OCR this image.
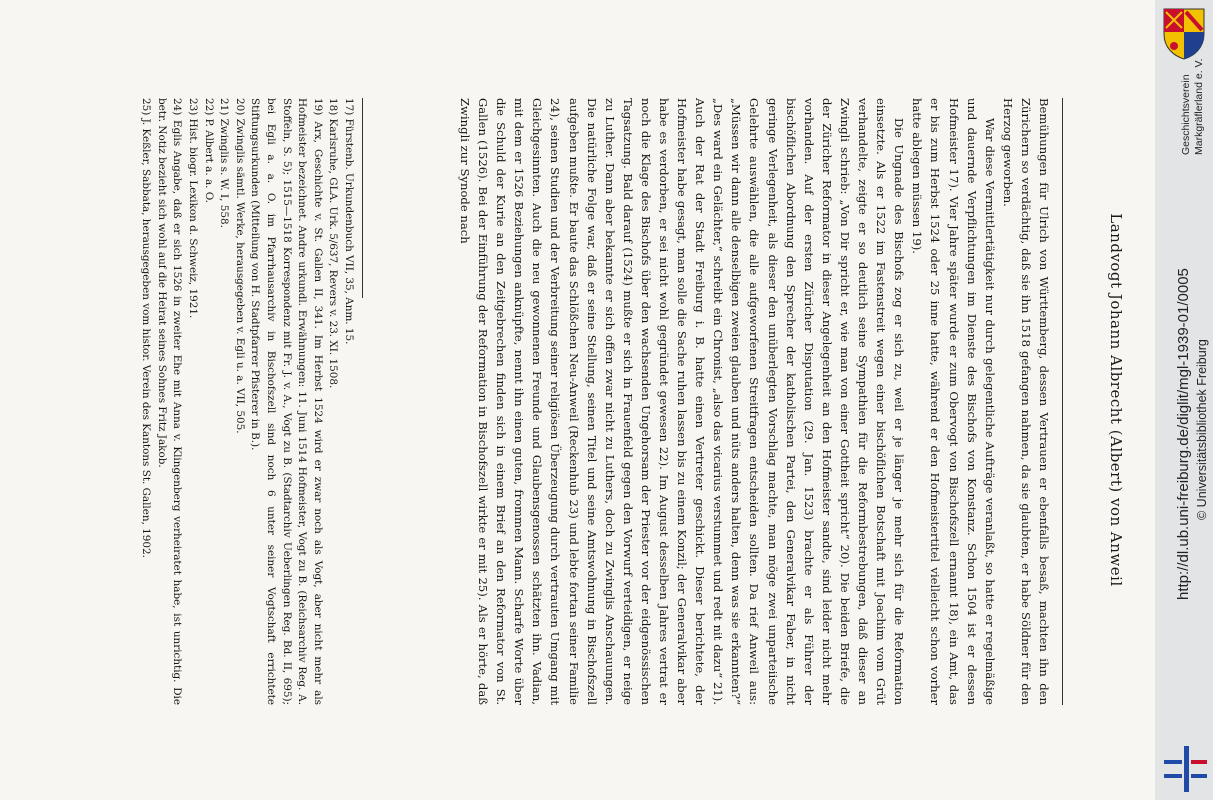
Landvogt Johann Albrecht (Albert) von Anweil

Bemühungen für Ulrich von Württemberg, dessen Vertrauen er ebenfalls besaß, machten ihn den Zürichern so verdächtig, daß sie ihn 1518 gefangen nahmen, da sie glaubten, er habe Söldner für den Herzog geworben.

War diese Vermittlertätigkeit nur durch gelegentliche Aufträge veranlaßt, so hatte er regelmäßige und dauernde Verpflichtungen im Dienste des Bischofs von Konstanz. Schon 1504 ist er dessen Hofmeister 17). Vier Jahre später wurde er zum Obervogt von Bischofszell ernannt 18), ein Amt, das er bis zum Herbst 1524 oder 25 inne hatte, während er den Hofmeistertitel vielleicht schon vorher hatte ablegen müssen 19).

Die Ungnade des Bischofs zog er sich zu, weil er je länger je mehr sich für die Reformation einsetzte. Als er 1522 im Fastenstreit wegen einer bischöflichen Botschaft mit Joachim vom Grüt verhandelte, zeigte er so deutlich seine Sympathien für die Reformbestrebungen, daß dieser an Zwingli schrieb: „Von Dir spricht er, wie man von einer Gottheit spricht“ 20). Die beiden Briefe, die der Züricher Reformator in dieser Angelegenheit an den Hofmeister sandte, sind leider nicht mehr vorhanden. Auf der ersten Züricher Disputation (29. Jan. 1523) brachte er als Führer der bischöflichen Abordnung den Sprecher der katholischen Partei, den Generalvikar Faber, in nicht geringe Verlegenheit, als dieser den unüberlegten Vorschlag machte, man möge zwei unparteiische Gelehrte auswählen, die alle aufgeworfenen Streitfragen entscheiden sollten. Da rief Anweil aus: „Müssen wir dann alle denselbigen zweien glauben und nüts anders halten, denn was sie erkannten?“ „Des ward ein Gelächter,“ schreibt ein Chronist, „also das vicarius verstummet und redt nit dazu“ 21). Auch der Rat der Stadt Freiburg i. B. hatte einen Vertreter geschickt. Dieser berichtete, der Hofmeister habe gesagt, man solle die Sache ruhen lassen bis zu einem Konzil; der Generalvikar aber habe es verdorben, er sei nicht wohl gegründet gewesen 22). Im August desselben Jahres vertrat er noch die Klage des Bischofs über den wachsenden Ungehorsam der Priester vor der eidgenössischen Tagsatzung. Bald darauf (1524) mußte er sich in Frauenfeld gegen den Vorwurf verteidigen, er neige zu Luther. Dann aber bekannte er sich offen zwar nicht zu Luthers, doch zu Zwinglis Anschauungen. Die natürliche Folge war, daß er seine Stellung, seinen Titel und seine Amtswohnung in Bischofszell aufgeben mußte. Er baute das Schlößchen Neu-Anweil (Reckenhub 23) und lebte fortan seiner Familie 24), seinen Studien und der Verbreitung seiner religiösen Überzeugung durch vertrauten Umgang mit Gleichgesinnten. Auch die neu gewonnenen Freunde und Glaubensgenossen schätzten ihn. Vadian, mit dem er 1526 Beziehungen anknüpfte, nennt ihn einen guten, frommen Mann. Scharfe Worte über die Schuld der Kurie an den Zeitgebrechen finden sich in einem Brief an den Reformator von St. Gallen (1526). Bei der Einführung der Reformation in Bischofszell wirkte er mit 25). Als er hörte, daß Zwingli zur Synode nach

17) Fürstenb. Urkundenbuch VII, 35, Anm. 15.
18) Karlsruhe, GLA. Urk. 5/637, Revers v. 23. XI. 1508.
19) Arx, Geschichte v. St. Gallen II, 341. Im Herbst 1524 wird er zwar noch als Vogt, aber nicht mehr als Hofmeister bezeichnet. Andre urkundl. Erwähnungen: 11. Juni 1514 Hofmeister, Vogt zu B. (Reichsarchiv Reg. A. Stoffeln, S. 5); 1515—1518 Korrespondenz mit Fr. J. v. A., Vogt zu B. (Stadtarchiv Ueberlingen Reg. Bd. II, 695); bei Egli a. a. O. im Pfarrhausarchiv in Bischofszell sind noch 6 unter seiner Vogtschaft errichtete Stiftungsurkunden (Mitteilung von H. Stadtpfarrer Pfisterer in B.).
20) Zwinglis sämtl. Werke, herausgegeben v. Egli u. a. VII, 505.
21) Zwinglis s. W. I, 558.
22) P. Albert a. a. O.
23) Hist. biogr. Lexikon d. Schweiz, 1921.
24) Eglis Angabe, daß er sich 1526 in zweiter Ehe mit Anna v. Klingenberg verheiratet habe, ist unrichtig. Die betr. Notiz bezieht sich wohl auf die Heirat seines Sohnes Fritz Jakob.
25) J. Keßler, Sabbata, herausgegeben vom histor. Verein des Kantons St. Gallen, 1902.	Geschichtsverein Markgräflerland e. V.
http://dl.ub.uni-freiburg.de/diglit/mgl-1939-01/0005 © Universitätsbibliothek Freiburg
